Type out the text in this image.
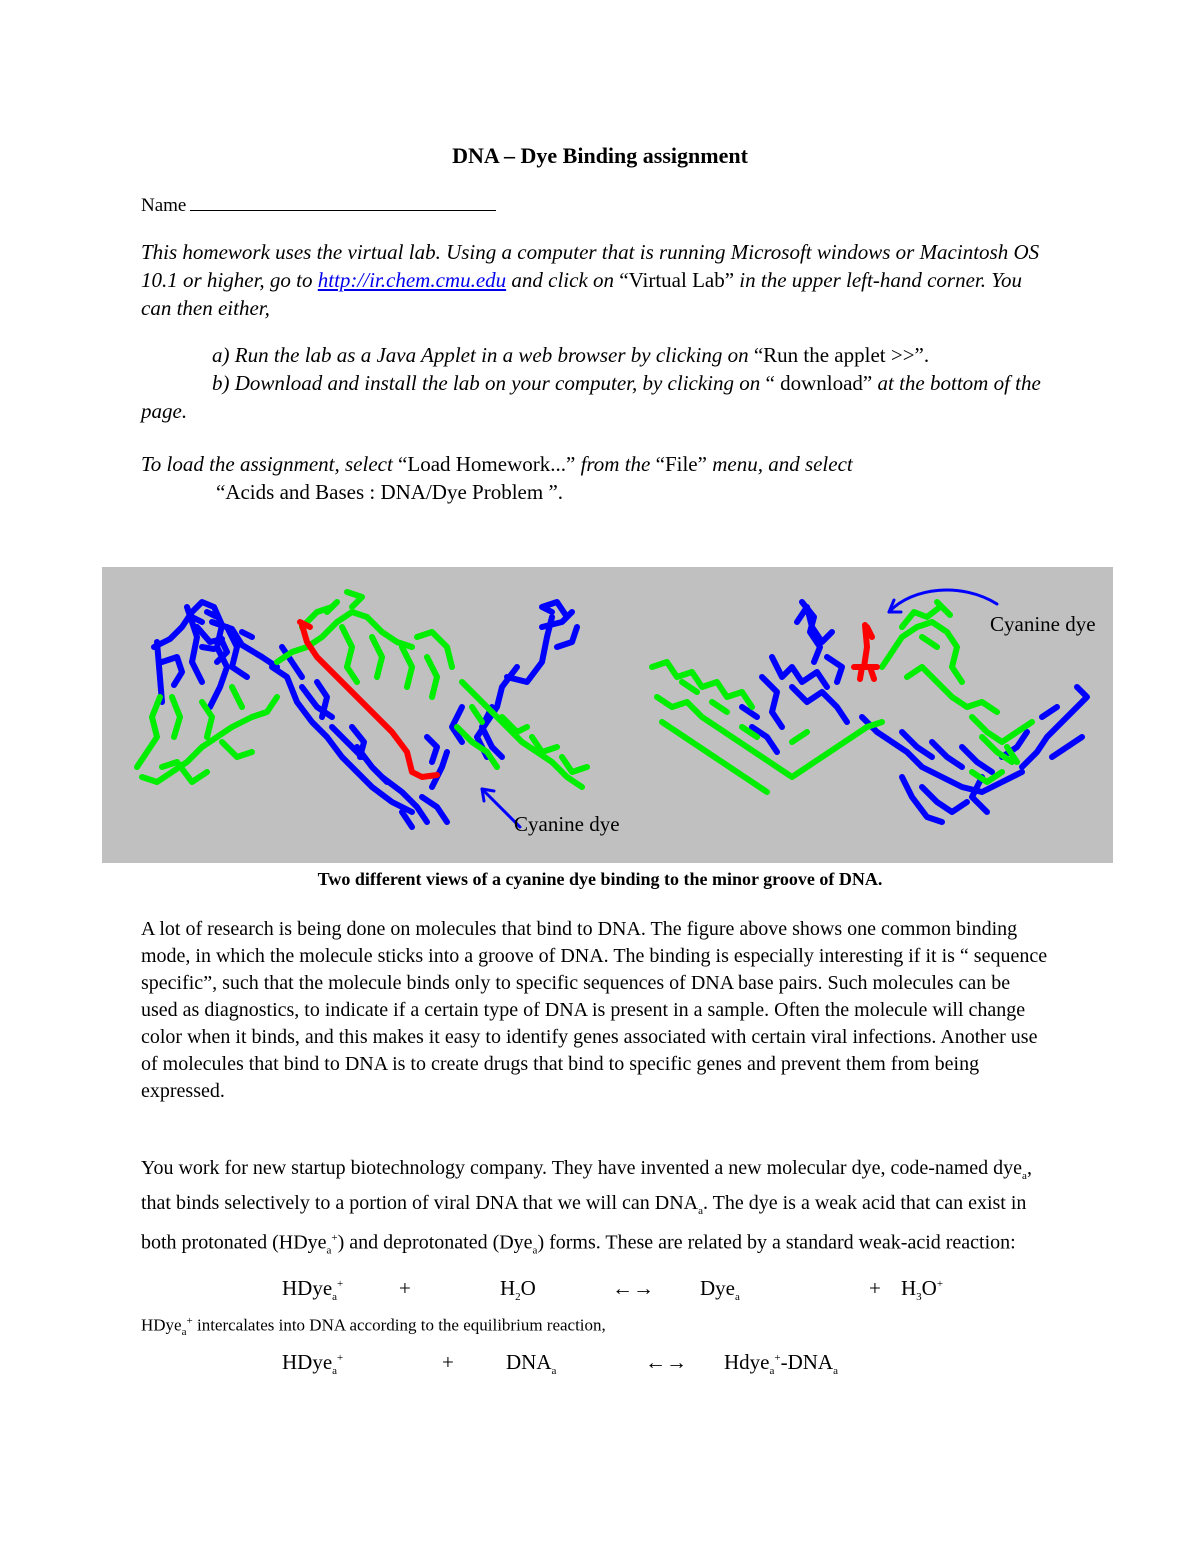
DNA – Dye Binding assignment
Name
This homework uses the virtual lab. Using a computer that is running Microsoft windows or Macintosh OS 10.1 or higher, go to http://ir.chem.cmu.edu and click on “Virtual Lab” in the upper left-hand corner. You can then either,
a) Run the lab as a Java Applet in a web browser by clicking on “Run the applet >>”.
b) Download and install the lab on your computer, by clicking on “ download” at the bottom of the page.
To load the assignment, select “Load Homework...” from the “File” menu, and select
“Acids and Bases : DNA/Dye Problem ”.
Cyanine dye
Cyanine dye
Two different views of a cyanine dye binding to the minor groove of DNA.
A lot of research is being done on molecules that bind to DNA. The figure above shows one common binding mode, in which the molecule sticks into a groove of DNA. The binding is especially interesting if it is “ sequence specific”, such that the molecule binds only to specific sequences of DNA base pairs. Such molecules can be used as diagnostics, to indicate if a certain type of DNA is present in a sample. Often the molecule will change color when it binds, and this makes it easy to identify genes associated with certain viral infections. Another use of molecules that bind to DNA is to create drugs that bind to specific genes and prevent them from being expressed.
You work for new startup biotechnology company. They have invented a new molecular dye, code-named dye$_a$, that binds selectively to a portion of viral DNA that we will can $DNA_a$. The dye is a weak acid that can exist in both protonated (HDye$_a$+) and deprotonated (Dye$_a$) forms. These are related by a standard weak-acid reaction:
HDye$_a$+	+	$H_2O$	←→ Dye$_a$	+ $H_3O^+$
HDye$_a$+ intercalates into DNA according to the equilibrium reaction,
HDye$_a$+	+ $DNA_a$	←→ $Hdye_a^+-DNA_a$
